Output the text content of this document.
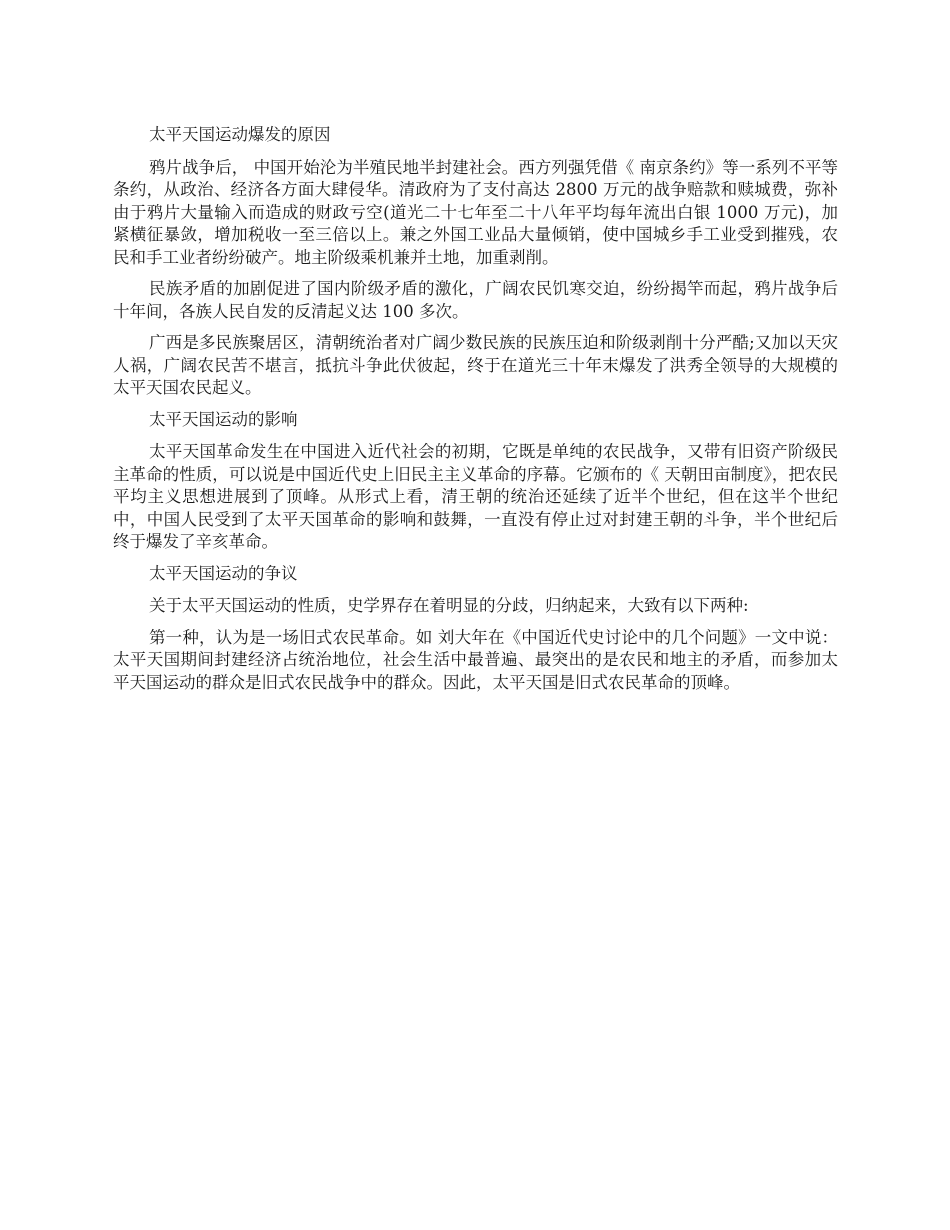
太平天国运动爆发的原因

鸦片战争后， 中国开始沦为半殖民地半封建社会。西方列强凭借《 南京条约》等一系列不平等条约，从政治、经济各方面大肆侵华。清政府为了支付高达 2800 万元的战争赔款和赎城费，弥补由于鸦片大量输入而造成的财政亏空(道光二十七年至二十八年平均每年流出白银 1000 万元)，加紧横征暴敛，增加税收一至三倍以上。兼之外国工业品大量倾销，使中国城乡手工业受到摧残，农民和手工业者纷纷破产。地主阶级乘机兼并土地，加重剥削。

民族矛盾的加剧促进了国内阶级矛盾的激化，广阔农民饥寒交迫，纷纷揭竿而起，鸦片战争后十年间，各族人民自发的反清起义达 100 多次。

广西是多民族聚居区，清朝统治者对广阔少数民族的民族压迫和阶级剥削十分严酷;又加以天灾人祸，广阔农民苦不堪言，抵抗斗争此伏彼起，终于在道光三十年末爆发了洪秀全领导的大规模的太平天国农民起义。

太平天国运动的影响

太平天国革命发生在中国进入近代社会的初期，它既是单纯的农民战争，又带有旧资产阶级民主革命的性质，可以说是中国近代史上旧民主主义革命的序幕。它颁布的《 天朝田亩制度》，把农民平均主义思想进展到了顶峰。从形式上看，清王朝的统治还延续了近半个世纪，但在这半个世纪中，中国人民受到了太平天国革命的影响和鼓舞，一直没有停止过对封建王朝的斗争，半个世纪后终于爆发了辛亥革命。

太平天国运动的争议

关于太平天国运动的性质，史学界存在着明显的分歧，归纳起来，大致有以下两种:

第一种，认为是一场旧式农民革命。如 刘大年在《中国近代史讨论中的几个问题》一文中说：太平天国期间封建经济占统治地位，社会生活中最普遍、最突出的是农民和地主的矛盾，而参加太平天国运动的群众是旧式农民战争中的群众。因此，太平天国是旧式农民革命的顶峰。
